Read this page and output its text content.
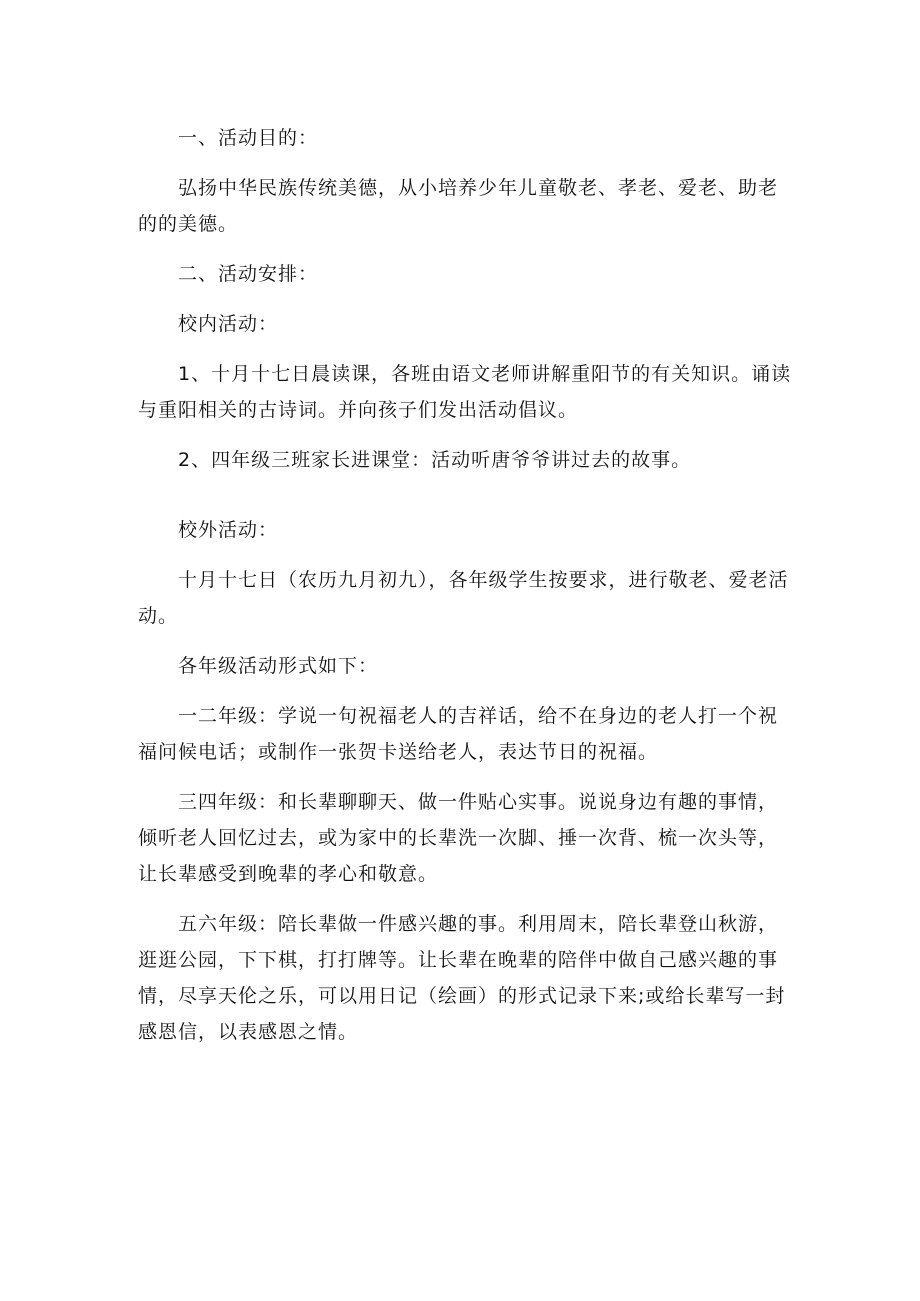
一、活动目的：

弘扬中华民族传统美德，从小培养少年儿童敬老、孝老、爱老、助老的的美德。

二、活动安排：

校内活动：

1、十月十七日晨读课，各班由语文老师讲解重阳节的有关知识。诵读与重阳相关的古诗词。并向孩子们发出活动倡议。

2、四年级三班家长进课堂：活动听唐爷爷讲过去的故事。

校外活动：

十月十七日（农历九月初九），各年级学生按要求，进行敬老、爱老活动。

各年级活动形式如下：

一二年级：学说一句祝福老人的吉祥话，给不在身边的老人打一个祝福问候电话；或制作一张贺卡送给老人，表达节日的祝福。

三四年级：和长辈聊聊天、做一件贴心实事。说说身边有趣的事情，倾听老人回忆过去，或为家中的长辈洗一次脚、捶一次背、梳一次头等，让长辈感受到晚辈的孝心和敬意。

五六年级：陪长辈做一件感兴趣的事。利用周末，陪长辈登山秋游，逛逛公园，下下棋，打打牌等。让长辈在晚辈的陪伴中做自己感兴趣的事情，尽享天伦之乐，可以用日记（绘画）的形式记录下来;或给长辈写一封感恩信，以表感恩之情。
